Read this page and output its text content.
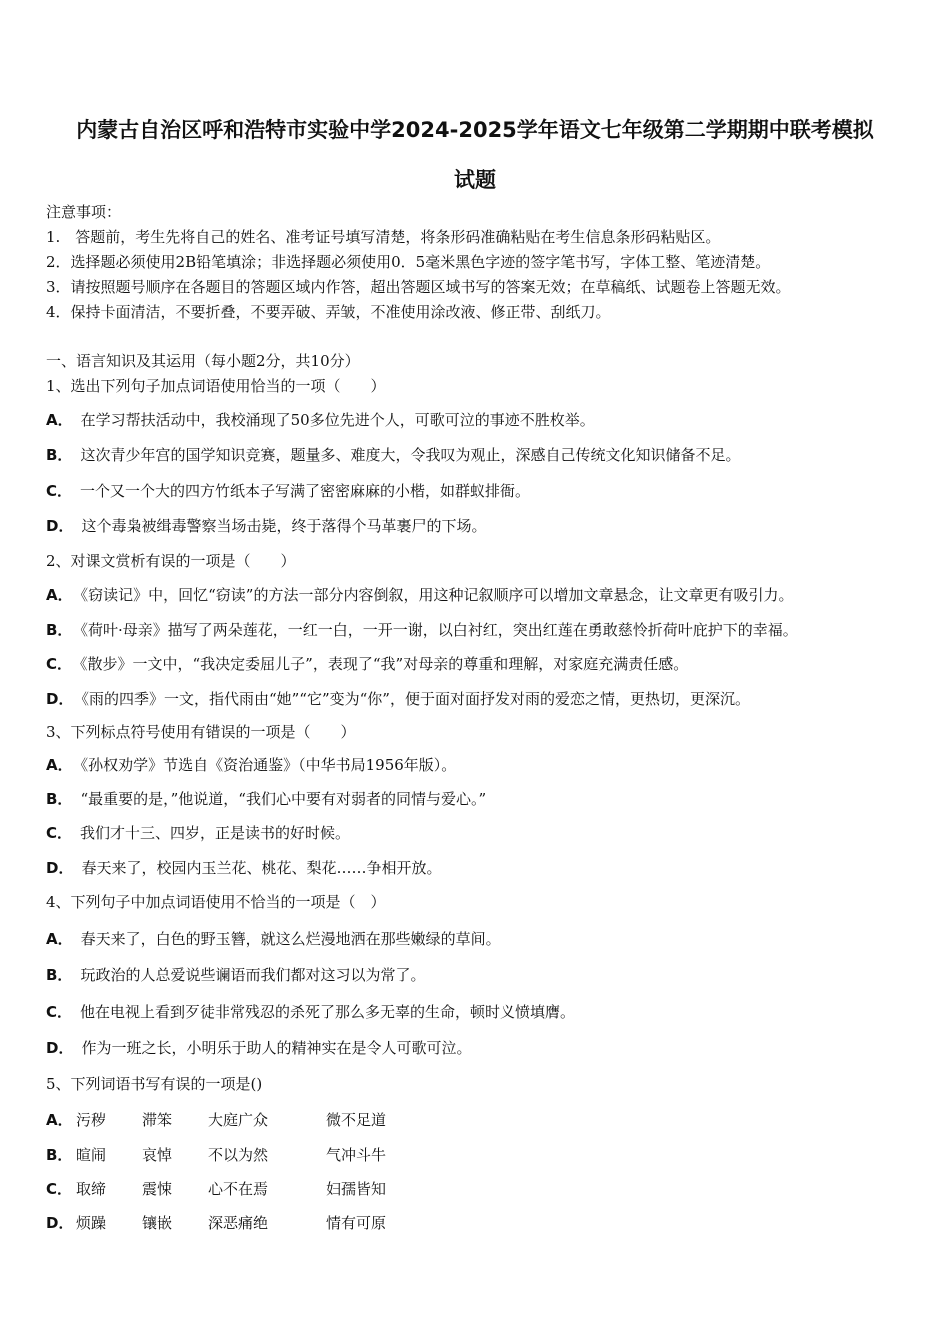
内蒙古自治区呼和浩特市实验中学2024-2025学年语文七年级第二学期期中联考模拟
试题
注意事项：
1.　答题前，考生先将自己的姓名、准考证号填写清楚，将条形码准确粘贴在考生信息条形码粘贴区。
2．选择题必须使用2B铅笔填涂；非选择题必须使用0．5毫米黑色字迹的签字笔书写，字体工整、笔迹清楚。
3．请按照题号顺序在各题目的答题区域内作答，超出答题区域书写的答案无效；在草稿纸、试题卷上答题无效。
4．保持卡面清洁，不要折叠，不要弄破、弄皱，不准使用涂改液、修正带、刮纸刀。
一、语言知识及其运用（每小题2分，共10分）
1、选出下列句子加点词语使用恰当的一项（　　）
A． 在学习帮扶活动中，我校涌现了50多位先进个人，可歌可泣的事迹不胜枚举。
B． 这次青少年宫的国学知识竞赛，题量多、难度大，令我叹为观止，深感自己传统文化知识储备不足。
C． 一个又一个大的四方竹纸本子写满了密密麻麻的小楷，如群蚁排衙。
D． 这个毒枭被缉毒警察当场击毙，终于落得个马革裹尸的下场。
2、对课文赏析有误的一项是（　　）
A． 《窃读记》中，回忆“窃读”的方法一部分内容倒叙，用这种记叙顺序可以增加文章悬念，让文章更有吸引力。
B． 《荷叶·母亲》描写了两朵莲花，一红一白，一开一谢，以白衬红，突出红莲在勇敢慈怜折荷叶庇护下的幸福。
C． 《散步》一文中，“我决定委屈儿子”，表现了“我”对母亲的尊重和理解，对家庭充满责任感。
D． 《雨的四季》一文，指代雨由“她”“它”变为“你”，便于面对面抒发对雨的爱恋之情，更热切，更深沉。
3、下列标点符号使用有错误的一项是（　　）
A． 《孙权劝学》节选自《资治通鉴》（中华书局1956年版）。
B． “最重要的是，”他说道，“我们心中要有对弱者的同情与爱心。”
C． 我们才十三、四岁，正是读书的好时候。
D． 春天来了，校园内玉兰花、桃花、梨花……争相开放。
4、下列句子中加点词语使用不恰当的一项是（　）
A． 春天来了，白色的野玉簪，就这么烂漫地洒在那些嫩绿的草间。
B． 玩政治的人总爱说些谰语而我们都对这习以为常了。
C． 他在电视上看到歹徒非常残忍的杀死了那么多无辜的生命，顿时义愤填膺。
D． 作为一班之长，小明乐于助人的精神实在是令人可歌可泣。
5、下列词语书写有误的一项是()
A． 污秽 滞笨 大庭广众	微不足道
B． 暄闹 哀悼 不以为然	气冲斗牛
C． 取缔 震悚 心不在焉	妇孺皆知
D． 烦躁 镶嵌 深恶痛绝	情有可原
